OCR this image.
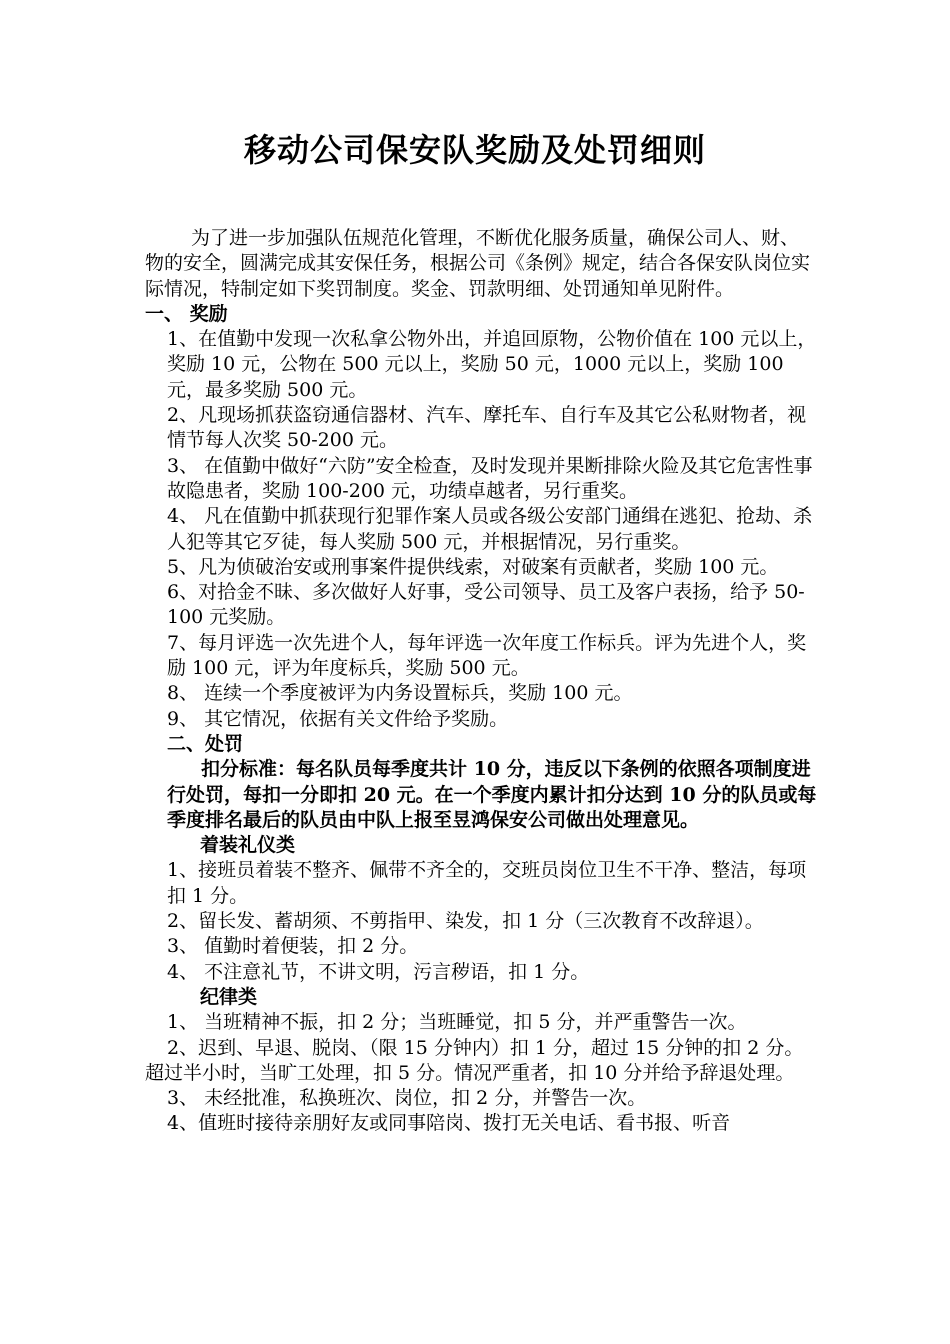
移动公司保安队奖励及处罚细则

为了进一步加强队伍规范化管理，不断优化服务质量，确保公司人、财、物的安全，圆满完成其安保任务，根据公司《条例》规定，结合各保安队岗位实际情况，特制定如下奖罚制度。奖金、罚款明细、处罚通知单见附件。

一、 奖励

1、在值勤中发现一次私拿公物外出，并追回原物，公物价值在 100 元以上，奖励 10 元，公物在 500 元以上，奖励 50 元，1000 元以上，奖励 100 元，最多奖励 500 元。

2、凡现场抓获盗窃通信器材、汽车、摩托车、自行车及其它公私财物者，视情节每人次奖 50-200 元。

3、 在值勤中做好“六防”安全检查，及时发现并果断排除火险及其它危害性事故隐患者，奖励 100-200 元，功绩卓越者，另行重奖。

4、 凡在值勤中抓获现行犯罪作案人员或各级公安部门通缉在逃犯、抢劫、杀人犯等其它歹徒，每人奖励 500 元，并根据情况，另行重奖。

5、凡为侦破治安或刑事案件提供线索，对破案有贡献者，奖励 100 元。

6、对拾金不昧、多次做好人好事，受公司领导、员工及客户表扬，给予 50-100 元奖励。

7、每月评选一次先进个人，每年评选一次年度工作标兵。评为先进个人，奖励 100 元，评为年度标兵，奖励 500 元。

8、 连续一个季度被评为内务设置标兵，奖励 100 元。

9、 其它情况，依据有关文件给予奖励。

二、处罚

扣分标准：每名队员每季度共计 10 分，违反以下条例的依照各项制度进行处罚，每扣一分即扣 20 元。在一个季度内累计扣分达到 10 分的队员或每季度排名最后的队员由中队上报至昱鸿保安公司做出处理意见。

着装礼仪类

1、接班员着装不整齐、佩带不齐全的，交班员岗位卫生不干净、整洁，每项扣 1 分。

2、留长发、蓄胡须、不剪指甲、染发，扣 1 分（三次教育不改辞退）。

3、 值勤时着便装，扣 2 分。

4、 不注意礼节，不讲文明，污言秽语，扣 1 分。

纪律类

1、 当班精神不振，扣 2 分；当班睡觉，扣 5 分，并严重警告一次。

2、迟到、早退、脱岗、（限 15 分钟内）扣 1 分，超过 15 分钟的扣 2 分。超过半小时，当旷工处理，扣 5 分。情况严重者，扣 10 分并给予辞退处理。

3、 未经批准，私换班次、岗位，扣 2 分，并警告一次。

4、值班时接待亲朋好友或同事陪岗、拨打无关电话、看书报、听音
